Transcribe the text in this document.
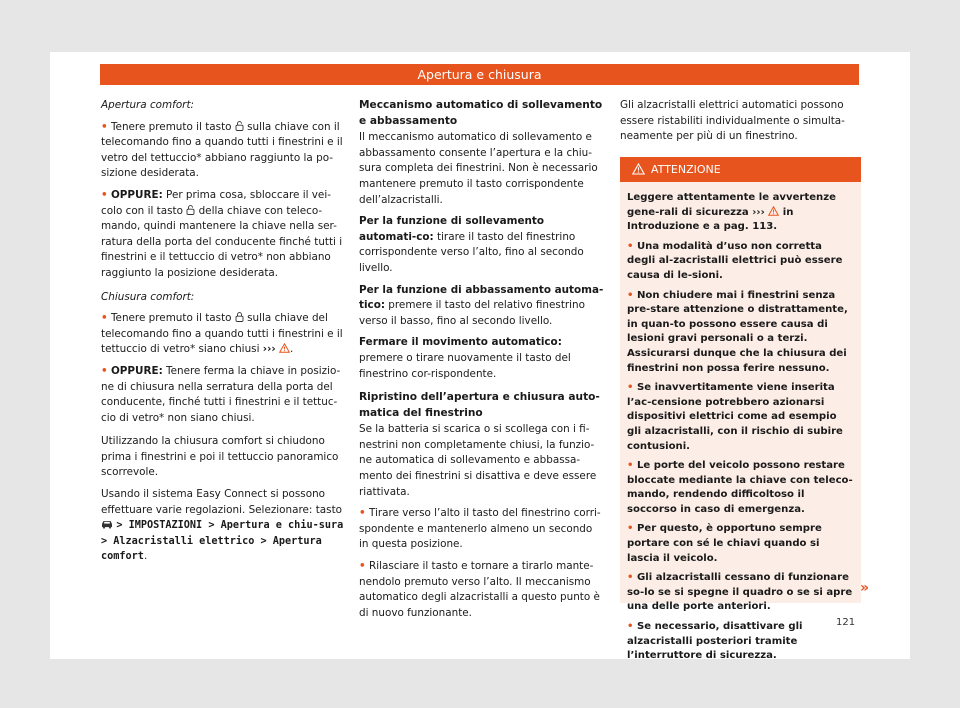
Apertura e chiusura

Apertura comfort:

• Tenere premuto il tasto sulla chiave con il telecomando fino a quando tutti i finestrini e il vetro del tettuccio* abbiano raggiunto la po-sizione desiderata.

• OPPURE: Per prima cosa, sbloccare il vei-colo con il tasto della chiave con teleco-mando, quindi mantenere la chiave nella ser-ratura della porta del conducente finché tutti i finestrini e il tettuccio di vetro* non abbiano raggiunto la posizione desiderata.

Chiusura comfort:

• Tenere premuto il tasto sulla chiave del telecomando fino a quando tutti i finestrini e il tettuccio di vetro* siano chiusi ››› .

• OPPURE: Tenere ferma la chiave in posizio-ne di chiusura nella serratura della porta del conducente, finché tutti i finestrini e il tettuc-cio di vetro* non siano chiusi.

Utilizzando la chiusura comfort si chiudono prima i finestrini e poi il tettuccio panoramico scorrevole.

Usando il sistema Easy Connect si possono effettuare varie regolazioni. Selezionare: tasto
> IMPOSTAZIONI > Apertura e chiu-sura > Alzacristalli elettrico > Apertura comfort.

Meccanismo automatico di sollevamento e abbassamento

Il meccanismo automatico di sollevamento e abbassamento consente l’apertura e la chiu-sura completa dei finestrini. Non è necessario mantenere premuto il tasto corrispondente dell’alzacristalli.

Per la funzione di sollevamento automati-co: tirare il tasto del finestrino corrispondente verso l’alto, fino al secondo livello.

Per la funzione di abbassamento automa-tico: premere il tasto del relativo finestrino verso il basso, fino al secondo livello.

Fermare il movimento automatico: premere o tirare nuovamente il tasto del finestrino cor-rispondente.

Ripristino dell’apertura e chiusura auto-matica del finestrino

Se la batteria si scarica o si scollega con i fi-nestrini non completamente chiusi, la funzio-ne automatica di sollevamento e abbassa-mento dei finestrini si disattiva e deve essere riattivata.

• Tirare verso l’alto il tasto del finestrino corri-spondente e mantenerlo almeno un secondo in questa posizione.

• Rilasciare il tasto e tornare a tirarlo mante-nendolo premuto verso l’alto. Il meccanismo automatico degli alzacristalli a questo punto è di nuovo funzionante.

Gli alzacristalli elettrici automatici possono essere ristabiliti individualmente o simulta-neamente per più di un finestrino.

ATTENZIONE

Leggere attentamente le avvertenze gene-rali di sicurezza ››› in Introduzione e a pag. 113.

• Una modalità d’uso non corretta degli al-zacristalli elettrici può essere causa di le-sioni.

• Non chiudere mai i finestrini senza pre-stare attenzione o distrattamente, in quan-to possono essere causa di lesioni gravi personali o a terzi. Assicurarsi dunque che la chiusura dei finestrini non possa ferire nessuno.

• Se inavvertitamente viene inserita l’ac-censione potrebbero azionarsi dispositivi elettrici come ad esempio gli alzacristalli, con il rischio di subire contusioni.

• Le porte del veicolo possono restare bloccate mediante la chiave con teleco-mando, rendendo difficoltoso il soccorso in caso di emergenza.

• Per questo, è opportuno sempre portare con sé le chiavi quando si lascia il veicolo.

• Gli alzacristalli cessano di funzionare so-lo se si spegne il quadro o se si apre una delle porte anteriori.

• Se necessario, disattivare gli alzacristalli posteriori tramite l’interruttore di sicurezza.

»
121
